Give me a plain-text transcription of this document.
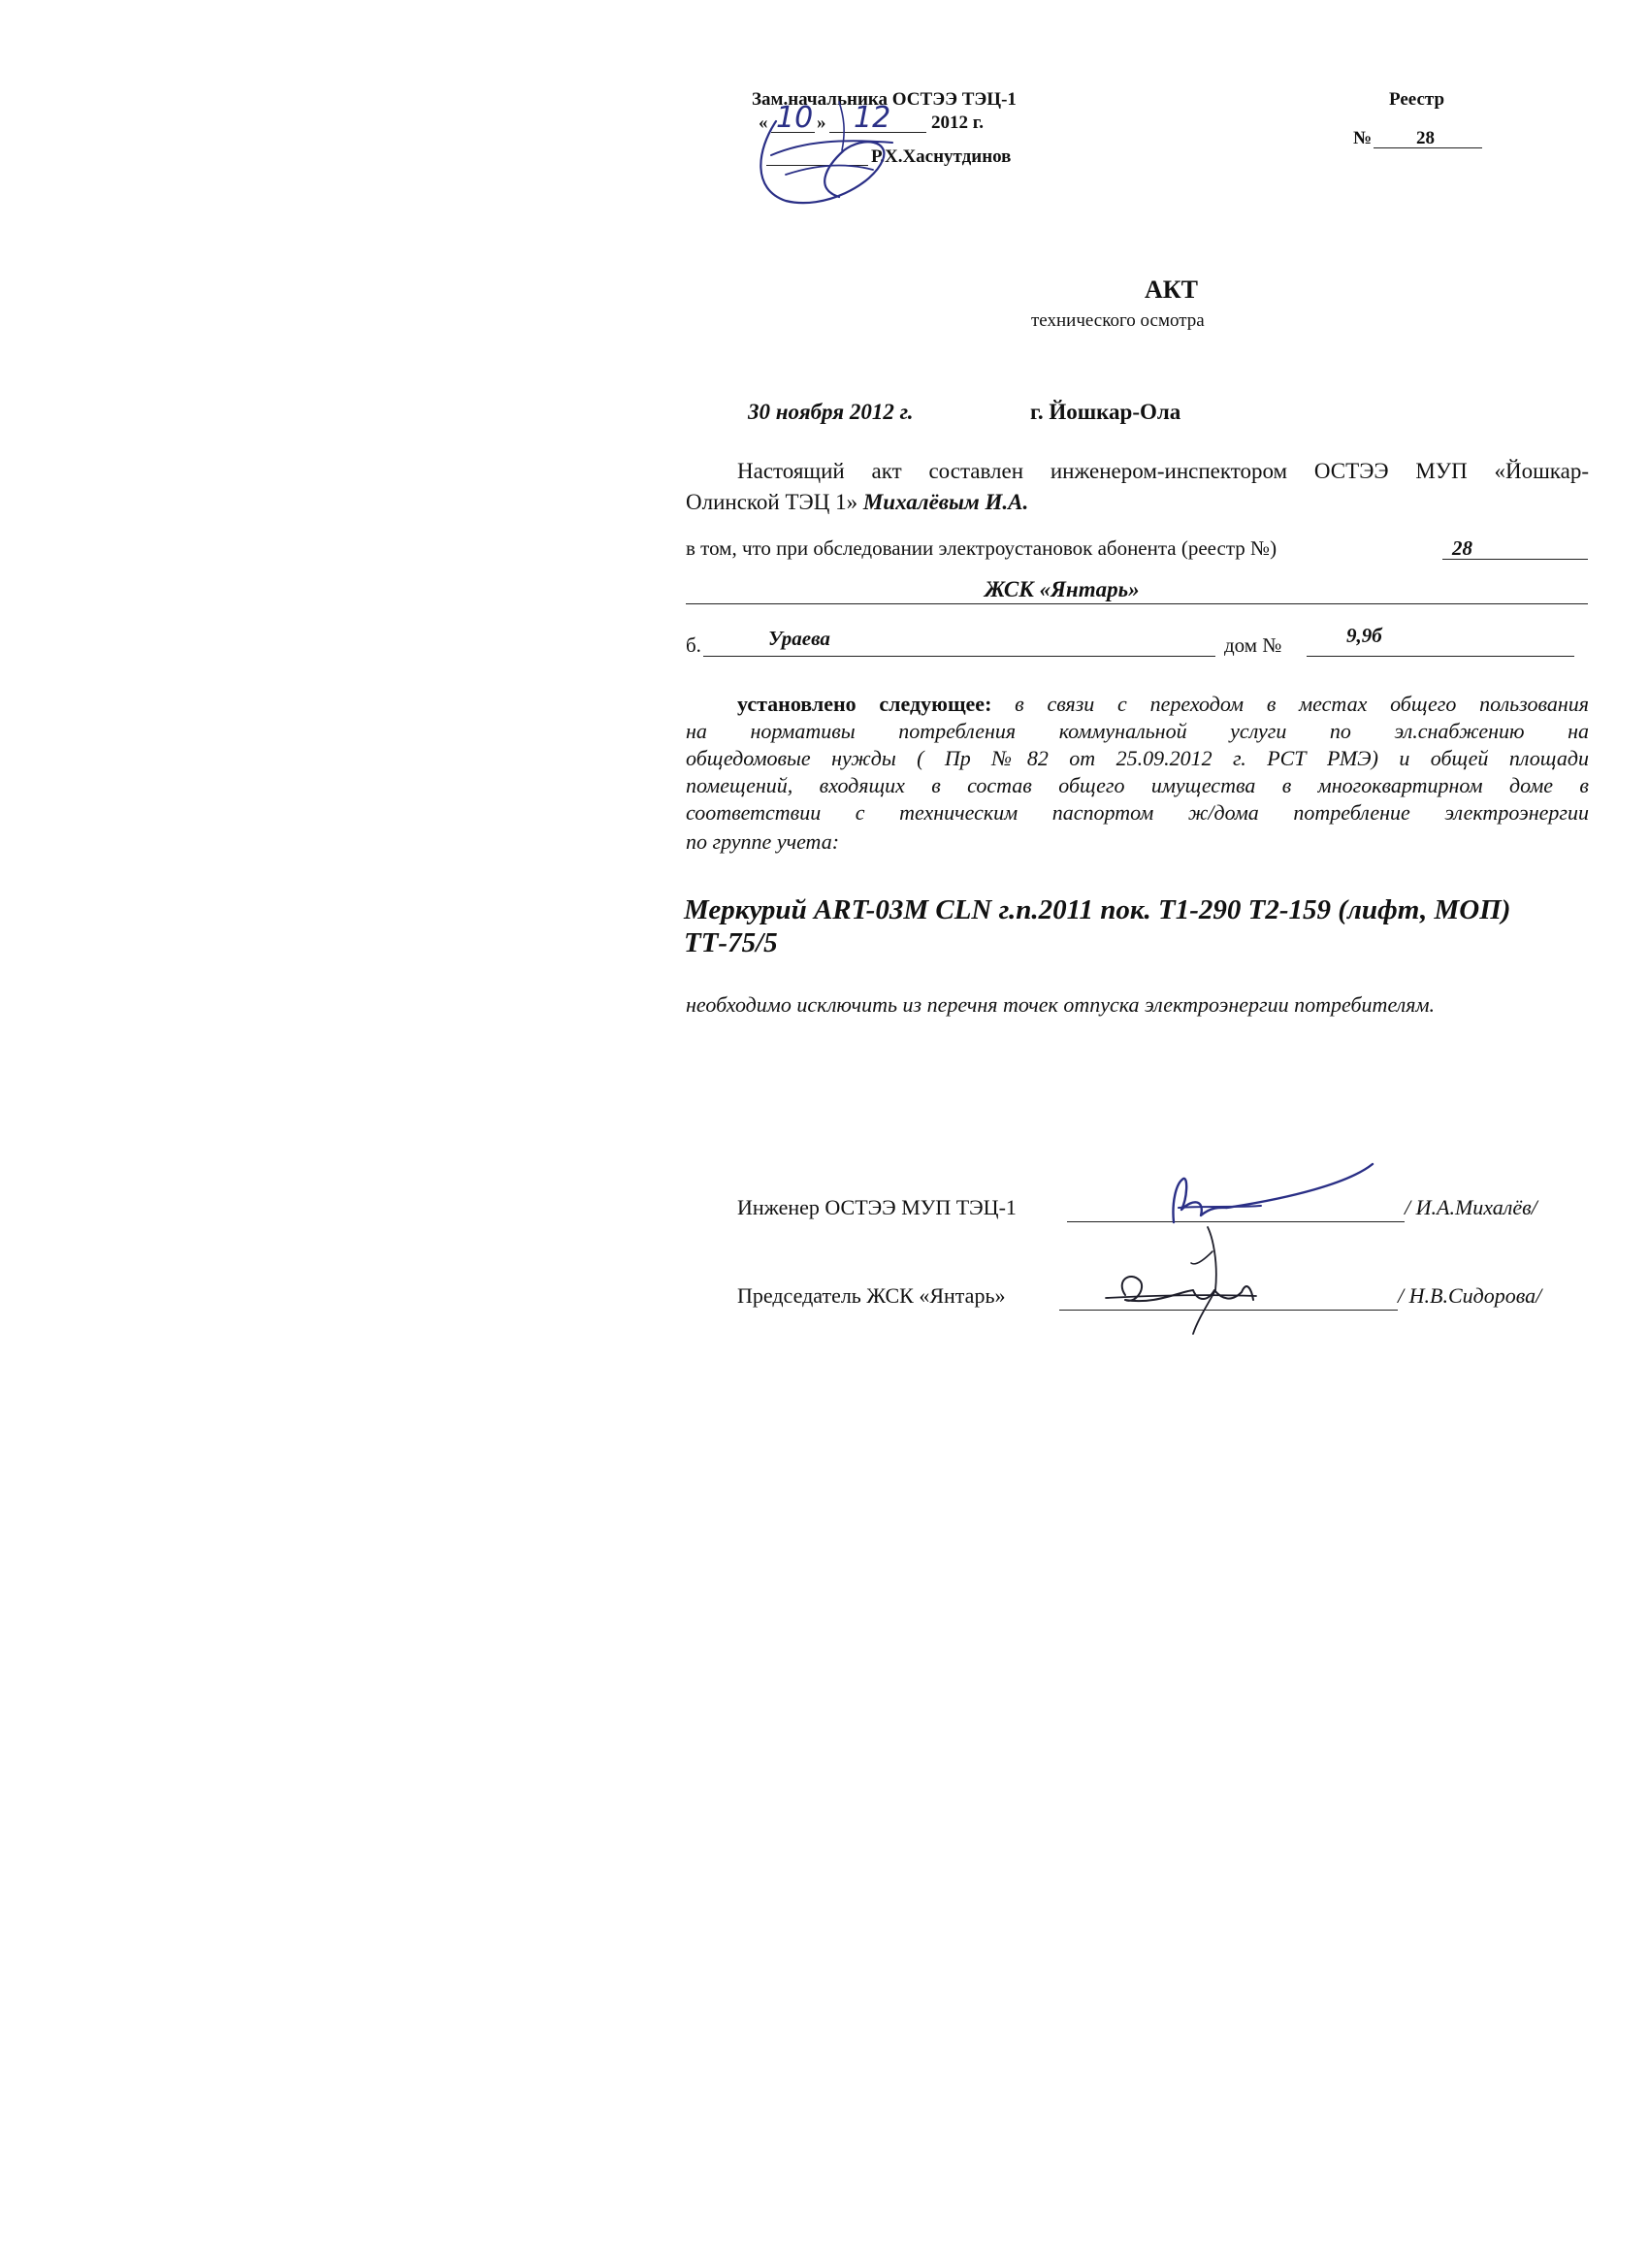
Зам.начальника ОСТЭЭ ТЭЦ-1
« 10 » 12 2012 г.
Р.Х.Хаснутдинов
Реестр
№ 28
АКТ
технического осмотра
30 ноября 2012 г.	г. Йошкар-Ола
Настоящий акт составлен инженером-инспектором ОСТЭЭ МУП «Йошкар-
Олинской ТЭЦ 1» Михалёвым И.А.
в том, что при обследовании электроустановок абонента (реестр №)	28
ЖСК «Янтарь»
б.	Ураева	дом №	9,9б
установлено следующее: в связи с переходом в местах общего пользования
на нормативы потребления коммунальной услуги по эл.снабжению на
общедомовые нужды ( Пр №82 от 25.09.2012 г. РСТ РМЭ) и общей площади
помещений, входящих в состав общего имущества в многоквартирном доме в
соответствии с техническим паспортом ж/дома потребление электроэнергии
по группе учета:
Меркурий ART-03M CLN г.п.2011 пок. Т1-290 Т2-159 (лифт, МОП)
ТТ-75/5
необходимо исключить из перечня точек отпуска электроэнергии потребителям.
Инженер ОСТЭЭ МУП ТЭЦ-1	/ И.А.Михалёв/
Председатель ЖСК «Янтарь»	/ Н.В.Сидорова/
